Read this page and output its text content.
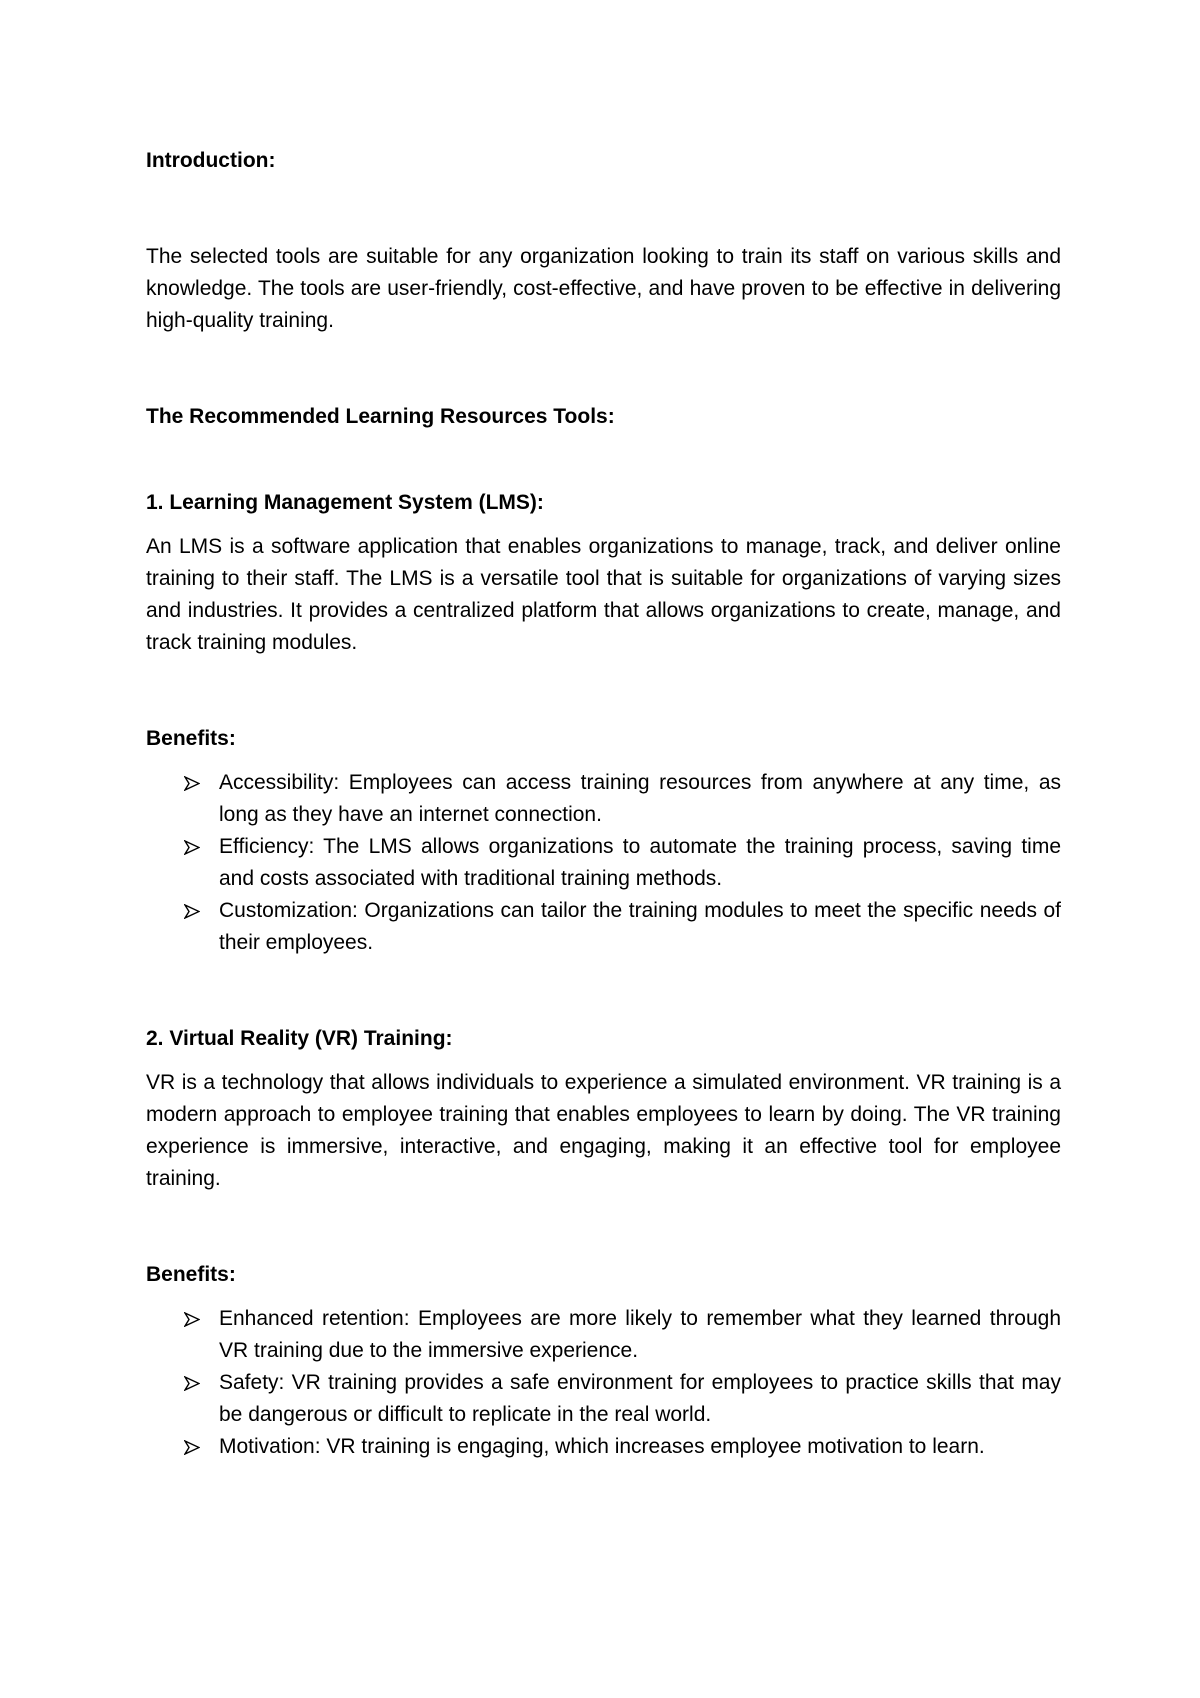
Introduction:

The selected tools are suitable for any organization looking to train its staff on various skills and knowledge. The tools are user-friendly, cost-effective, and have proven to be effective in delivering high-quality training.

The Recommended Learning Resources Tools:

1. Learning Management System (LMS):

An LMS is a software application that enables organizations to manage, track, and deliver online training to their staff. The LMS is a versatile tool that is suitable for organizations of varying sizes and industries. It provides a centralized platform that allows organizations to create, manage, and track training modules.

Benefits:

Accessibility: Employees can access training resources from anywhere at any time, as long as they have an internet connection.
Efficiency: The LMS allows organizations to automate the training process, saving time and costs associated with traditional training methods.
Customization: Organizations can tailor the training modules to meet the specific needs of their employees.

2. Virtual Reality (VR) Training:

VR is a technology that allows individuals to experience a simulated environment. VR training is a modern approach to employee training that enables employees to learn by doing. The VR training experience is immersive, interactive, and engaging, making it an effective tool for employee training.

Benefits:

Enhanced retention: Employees are more likely to remember what they learned through VR training due to the immersive experience.
Safety: VR training provides a safe environment for employees to practice skills that may be dangerous or difficult to replicate in the real world.
Motivation: VR training is engaging, which increases employee motivation to learn.
